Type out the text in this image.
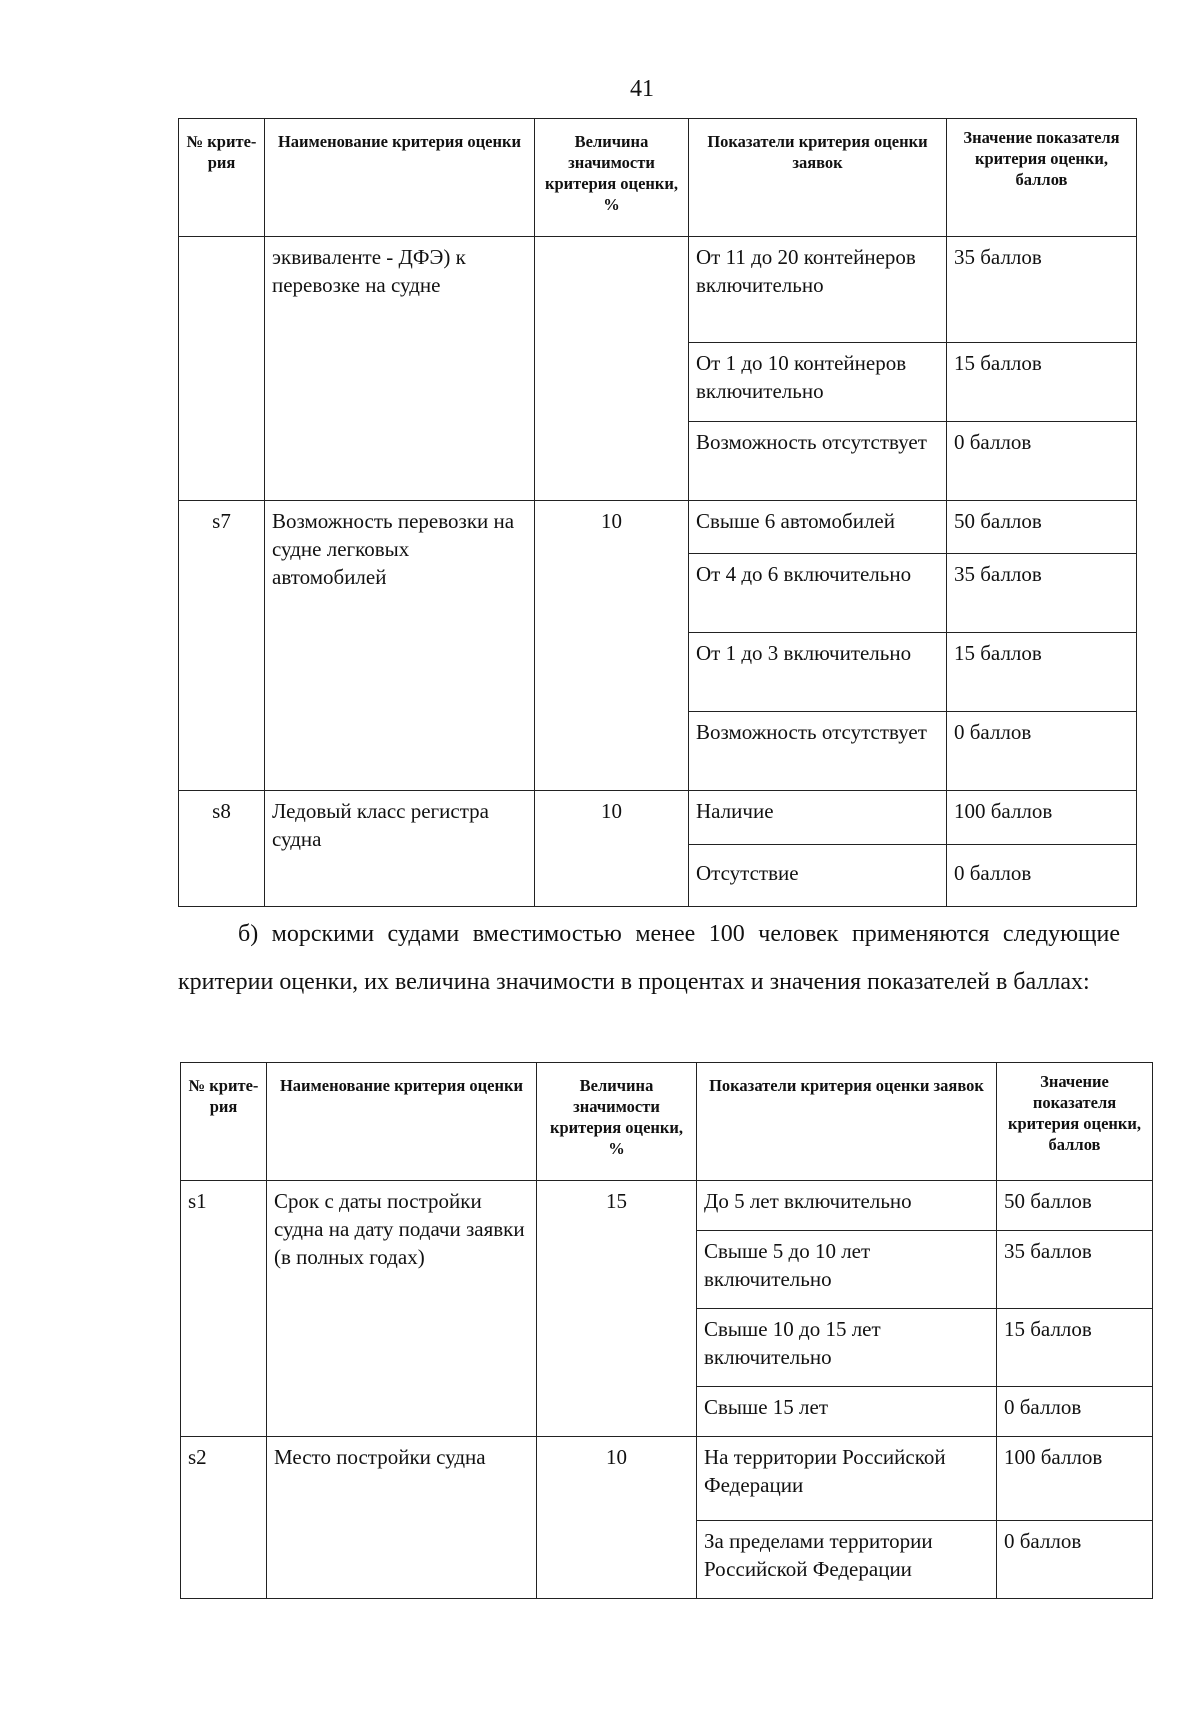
41
№ крите-рия	Наименование критерия оценки	Величина значимости критерия оценки, %	Показатели критерия оценки заявок	Значение показателя критерия оценки, баллов
	эквиваленте - ДФЭ) к перевозке на судне		От 11 до 20 контейнеров включительно	35 баллов
			От 1 до 10 контейнеров включительно	15 баллов
			Возможность отсутствует	0 баллов
s7	Возможность перевозки на судне легковых автомобилей	10	Свыше 6 автомобилей	50 баллов
			От 4 до 6 включительно	35 баллов
			От 1 до 3 включительно	15 баллов
			Возможность отсутствует	0 баллов
s8	Ледовый класс регистра судна	10	Наличие	100 баллов
			Отсутствие	0 баллов
б) морскими судами вместимостью менее 100 человек применяются следующие критерии оценки, их величина значимости в процентах и значения показателей в баллах:
№ крите-рия	Наименование критерия оценки	Величина значимости критерия оценки, %	Показатели критерия оценки заявок	Значение показателя критерия оценки, баллов
s1	Срок с даты постройки судна на дату подачи заявки (в полных годах)	15	До 5 лет включительно	50 баллов
			Свыше 5 до 10 лет включительно	35 баллов
			Свыше 10 до 15 лет включительно	15 баллов
			Свыше 15 лет	0 баллов
s2	Место постройки судна	10	На территории Российской Федерации	100 баллов
			За пределами территории Российской Федерации	0 баллов
